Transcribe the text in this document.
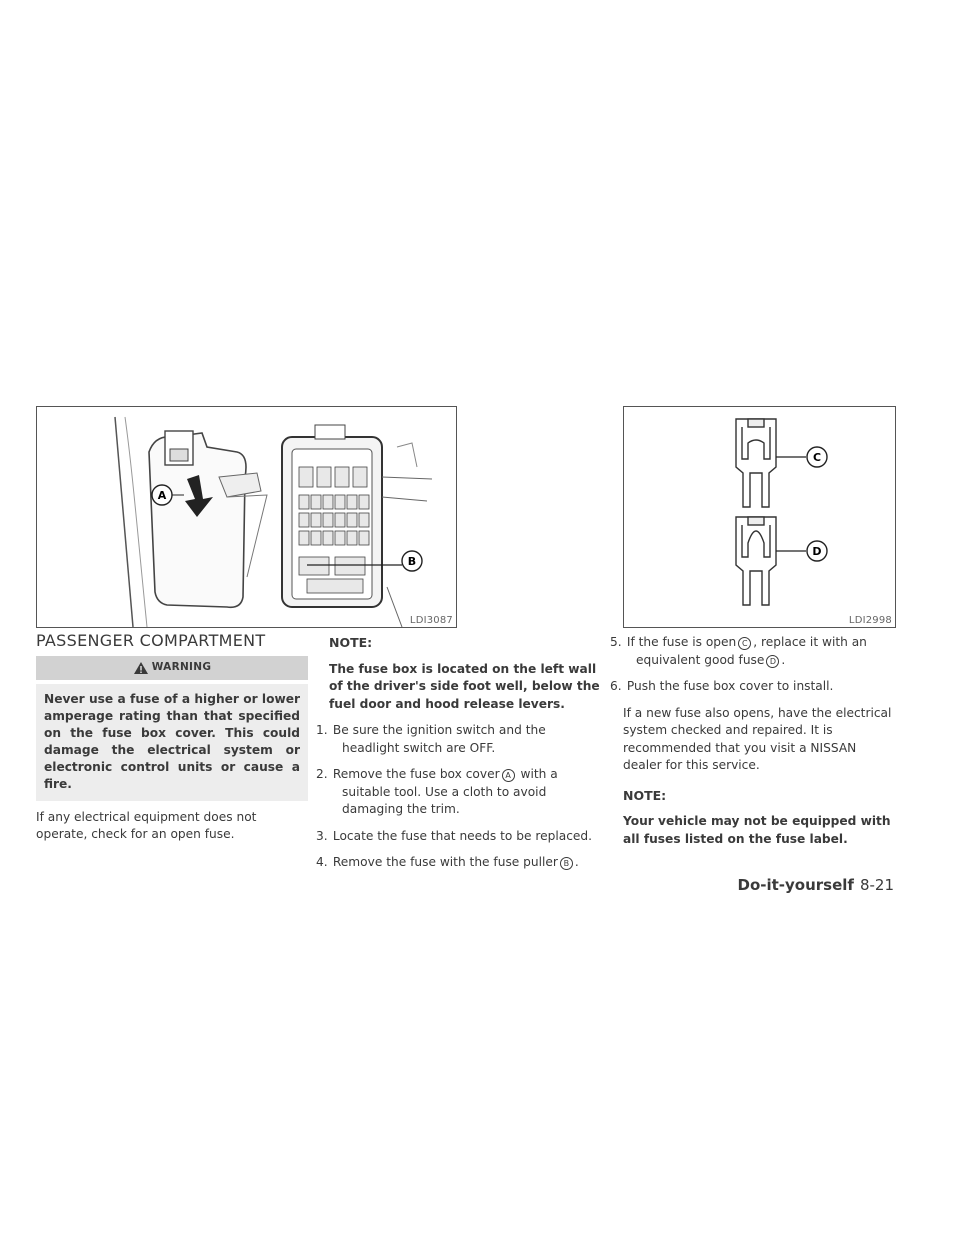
A
B
LDI3087
C
D
LDI2998
PASSENGER COMPARTMENT
WARNING
Never use a fuse of a higher or lower amperage rating than that specified on the fuse box cover. This could damage the electrical system or electronic control units or cause a fire.
If any electrical equipment does not operate, check for an open fuse.
NOTE:
The fuse box is located on the left wall of the driver's side foot well, below the fuel door and hood release levers.
1. Be sure the ignition switch and the headlight switch are OFF.
2. Remove the fuse box cover A with a suitable tool. Use a cloth to avoid damaging the trim.
3. Locate the fuse that needs to be replaced.
4. Remove the fuse with the fuse puller B .
5. If the fuse is open C , replace it with an equivalent good fuse D .
6. Push the fuse box cover to install.
If a new fuse also opens, have the electrical system checked and repaired. It is recommended that you visit a NISSAN dealer for this service.
NOTE:
Your vehicle may not be equipped with all fuses listed on the fuse label.
Do-it-yourself 8-21
